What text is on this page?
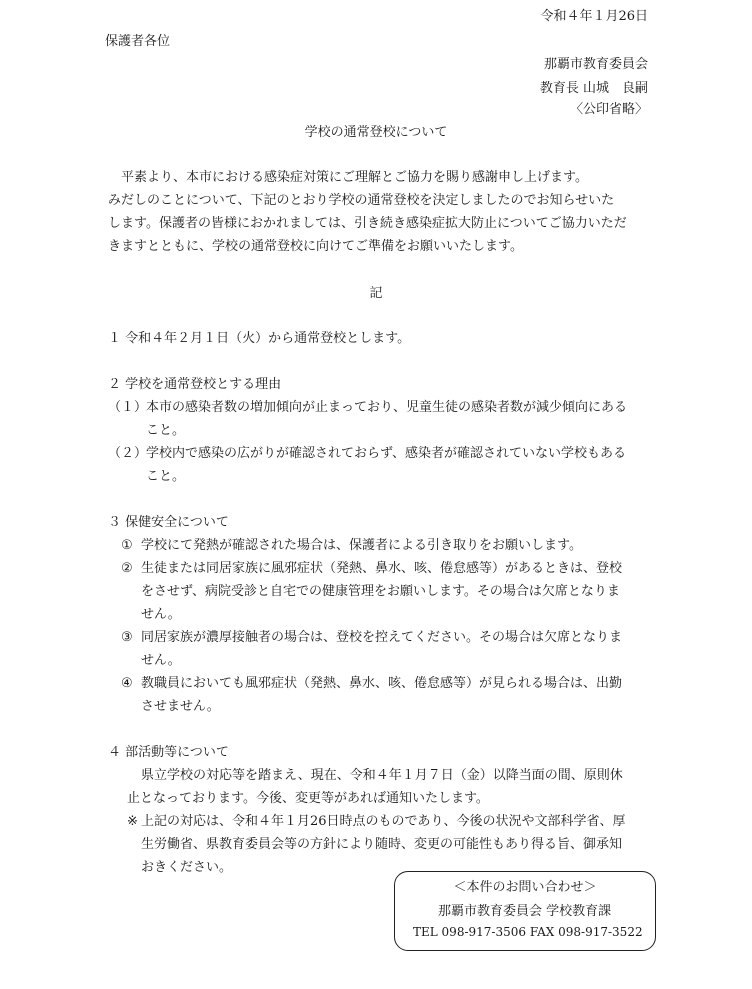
令和４年１月26日
保護者各位
那覇市教育委員会
教育長 山城　良嗣
〈公印省略〉
学校の通常登校について
平素より、本市における感染症対策にご理解とご協力を賜り感謝申し上げます。
みだしのことについて、下記のとおり学校の通常登校を決定しましたのでお知らせいた
します。保護者の皆様におかれましては、引き続き感染症拡大防止についてご協力いただ
きますとともに、学校の通常登校に向けてご準備をお願いいたします。
記
１ 令和４年２月１日（火）から通常登校とします。
２ 学校を通常登校とする理由
（１）
本市の感染者数の増加傾向が止まっており、児童生徒の感染者数が減少傾向にある
こと。
（２）
学校内で感染の広がりが確認されておらず、感染者が確認されていない学校もある
こと。
３ 保健安全について
① 学校にて発熱が確認された場合は、保護者による引き取りをお願いします。
② 生徒または同居家族に風邪症状（発熱、鼻水、咳、倦怠感等）があるときは、登校
をさせず、病院受診と自宅での健康管理をお願いします。その場合は欠席となりま
せん。
③ 同居家族が濃厚接触者の場合は、登校を控えてください。その場合は欠席となりま
せん。
④ 教職員においても風邪症状（発熱、鼻水、咳、倦怠感等）が見られる場合は、出勤
させません。
４ 部活動等について
県立学校の対応等を踏まえ、現在、令和４年１月７日（金）以降当面の間、原則休
止となっております。今後、変更等があれば通知いたします。
※ 上記の対応は、令和４年１月26日時点のものであり、今後の状況や文部科学省、厚
生労働省、県教育委員会等の方針により随時、変更の可能性もあり得る旨、御承知
おきください。
＜本件のお問い合わせ＞
那覇市教育委員会 学校教育課
TEL 098-917-3506 FAX 098-917-3522
